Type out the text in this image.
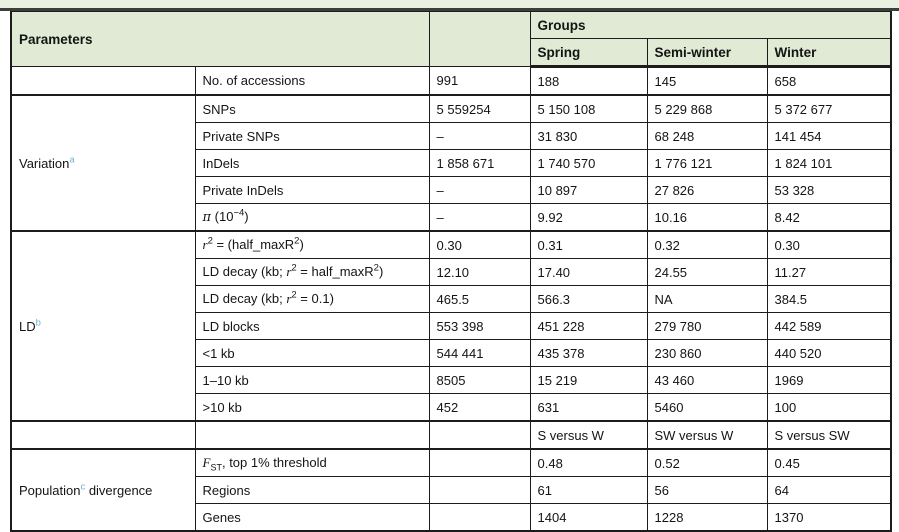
Parameters			Groups		
			Spring	Semi-winter	Winter
	No. of accessions	991	188	145	658
Variation$^a$	SNPs	5 559254	5 150 108	5 229 868	5 372 677
	Private SNPs	–	31 830	68 248	141 454
	InDels	1 858 671	1 740 570	1 776 121	1 824 101
	Private InDels	–	10 897	27 826	53 328
	π $(10^{-4})$	–	9.92	10.16	8.42
LD$^b$	$r^2$ = (half_maxR$^2$)	0.30	0.31	0.32	0.30
	LD decay (kb; $r^2$ = half_maxR$^2$)	12.10	17.40	24.55	11.27
	LD decay (kb; $r^2 = 0.1$)	465.5	566.3	NA	384.5
	LD blocks	553 398	451 228	279 780	442 589
	<1 kb	544 441	435 378	230 860	440 520
	1–10 kb	8505	15 219	43 460	1969
	>10 kb	452	631	5460	100
			S versus W	SW versus W	S versus SW
Population$^c$ divergence	$F_{ST}$, top 1% threshold		0.48	0.52	0.45
	Regions		61	56	64
	Genes		1404	1228	1370
